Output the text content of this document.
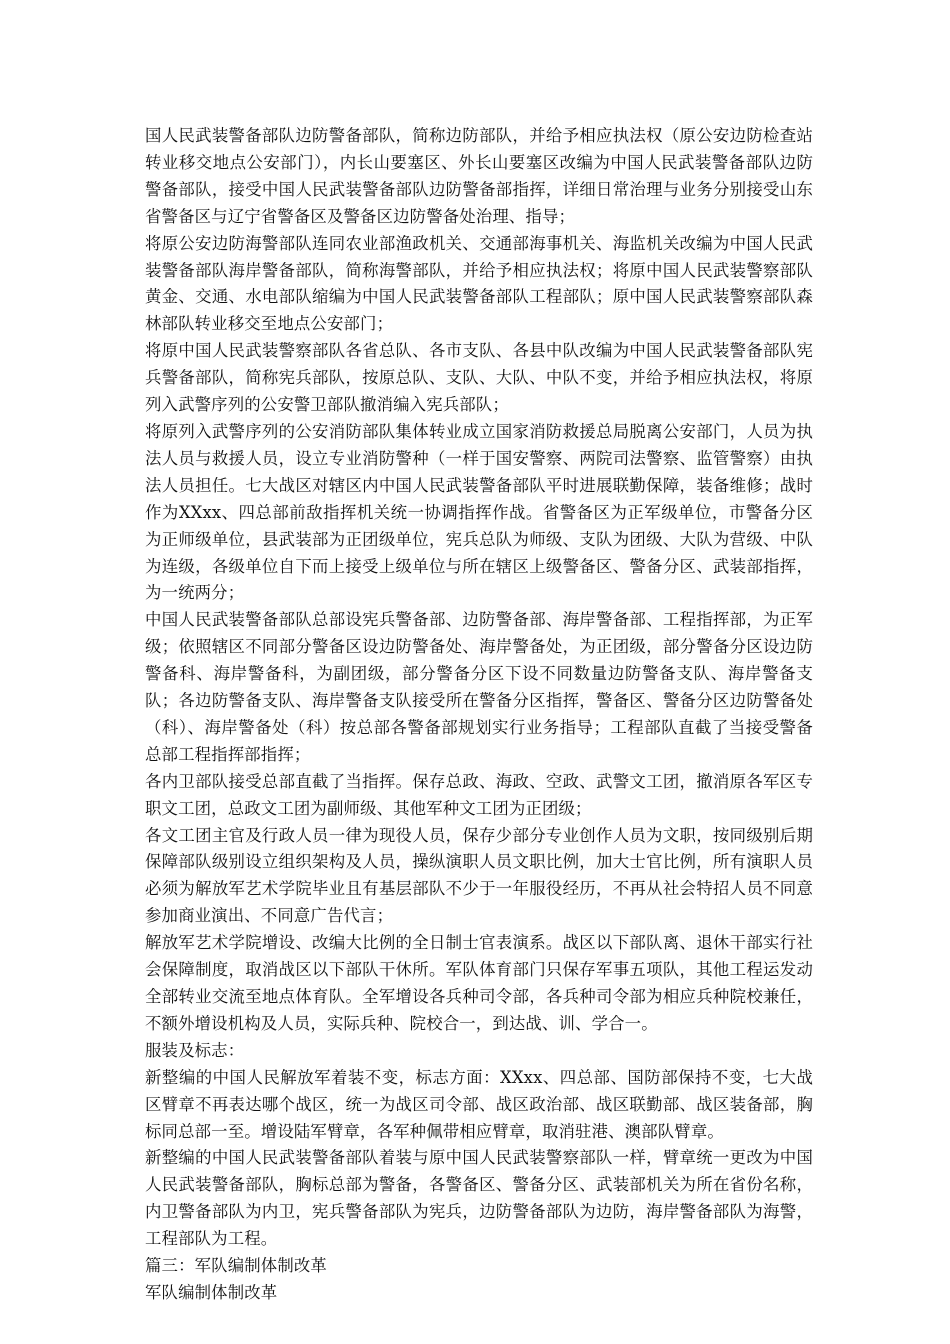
国人民武装警备部队边防警备部队，简称边防部队，并给予相应执法权（原公安边防检查站转业移交地点公安部门），内长山要塞区、外长山要塞区改编为中国人民武装警备部队边防警备部队，接受中国人民武装警备部队边防警备部指挥，详细日常治理与业务分别接受山东省警备区与辽宁省警备区及警备区边防警备处治理、指导；

将原公安边防海警部队连同农业部渔政机关、交通部海事机关、海监机关改编为中国人民武装警备部队海岸警备部队，简称海警部队，并给予相应执法权；将原中国人民武装警察部队黄金、交通、水电部队缩编为中国人民武装警备部队工程部队；原中国人民武装警察部队森林部队转业移交至地点公安部门；

将原中国人民武装警察部队各省总队、各市支队、各县中队改编为中国人民武装警备部队宪兵警备部队，简称宪兵部队，按原总队、支队、大队、中队不变，并给予相应执法权，将原列入武警序列的公安警卫部队撤消编入宪兵部队；

将原列入武警序列的公安消防部队集体转业成立国家消防救援总局脱离公安部门，人员为执法人员与救援人员，设立专业消防警种（一样于国安警察、两院司法警察、监管警察）由执法人员担任。七大战区对辖区内中国人民武装警备部队平时进展联勤保障，装备维修；战时作为XXxx、四总部前敌指挥机关统一协调指挥作战。省警备区为正军级单位，市警备分区为正师级单位，县武装部为正团级单位，宪兵总队为师级、支队为团级、大队为营级、中队为连级，各级单位自下而上接受上级单位与所在辖区上级警备区、警备分区、武装部指挥，为一统两分；

中国人民武装警备部队总部设宪兵警备部、边防警备部、海岸警备部、工程指挥部，为正军级；依照辖区不同部分警备区设边防警备处、海岸警备处，为正团级，部分警备分区设边防警备科、海岸警备科，为副团级，部分警备分区下设不同数量边防警备支队、海岸警备支队；各边防警备支队、海岸警备支队接受所在警备分区指挥，警备区、警备分区边防警备处（科）、海岸警备处（科）按总部各警备部规划实行业务指导；工程部队直截了当接受警备总部工程指挥部指挥；

各内卫部队接受总部直截了当指挥。保存总政、海政、空政、武警文工团，撤消原各军区专职文工团，总政文工团为副师级、其他军种文工团为正团级；

各文工团主官及行政人员一律为现役人员，保存少部分专业创作人员为文职，按同级别后期保障部队级别设立组织架构及人员，操纵演职人员文职比例，加大士官比例，所有演职人员必须为解放军艺术学院毕业且有基层部队不少于一年服役经历，不再从社会特招人员不同意参加商业演出、不同意广告代言；

解放军艺术学院增设、改编大比例的全日制士官表演系。战区以下部队离、退休干部实行社会保障制度，取消战区以下部队干休所。军队体育部门只保存军事五项队，其他工程运发动全部转业交流至地点体育队。全军增设各兵种司令部，各兵种司令部为相应兵种院校兼任，不额外增设机构及人员，实际兵种、院校合一，到达战、训、学合一。

服装及标志：

新整编的中国人民解放军着装不变，标志方面：XXxx、四总部、国防部保持不变，七大战区臂章不再表达哪个战区，统一为战区司令部、战区政治部、战区联勤部、战区装备部，胸标同总部一至。增设陆军臂章，各军种佩带相应臂章，取消驻港、澳部队臂章。

新整编的中国人民武装警备部队着装与原中国人民武装警察部队一样，臂章统一更改为中国人民武装警备部队，胸标总部为警备，各警备区、警备分区、武装部机关为所在省份名称，内卫警备部队为内卫，宪兵警备部队为宪兵，边防警备部队为边防，海岸警备部队为海警，工程部队为工程。

篇三：军队编制体制改革

军队编制体制改革
